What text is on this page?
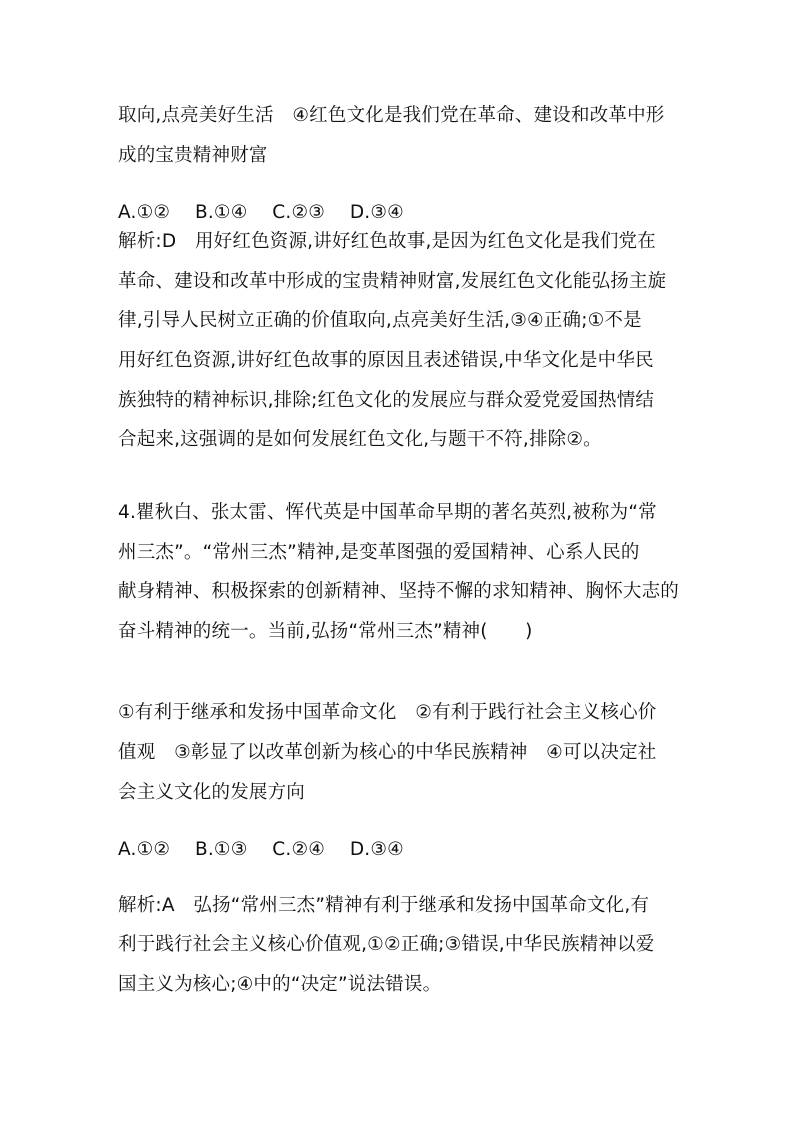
取向,点亮美好生活　④红色文化是我们党在革命、建设和改革中形
成的宝贵精神财富
A.①②　 B.①④　 C.②③　 D.③④
解析:D　用好红色资源,讲好红色故事,是因为红色文化是我们党在
革命、建设和改革中形成的宝贵精神财富,发展红色文化能弘扬主旋
律,引导人民树立正确的价值取向,点亮美好生活,③④正确;①不是
用好红色资源,讲好红色故事的原因且表述错误,中华文化是中华民
族独特的精神标识,排除;红色文化的发展应与群众爱党爱国热情结
合起来,这强调的是如何发展红色文化,与题干不符,排除②。
4.瞿秋白、张太雷、恽代英是中国革命早期的著名英烈,被称为“常
州三杰”。“常州三杰”精神,是变革图强的爱国精神、心系人民的
献身精神、积极探索的创新精神、坚持不懈的求知精神、胸怀大志的
奋斗精神的统一。当前,弘扬“常州三杰”精神(　　)
①有利于继承和发扬中国革命文化　②有利于践行社会主义核心价
值观　③彰显了以改革创新为核心的中华民族精神　④可以决定社
会主义文化的发展方向
A.①②　 B.①③　 C.②④　 D.③④
解析:A　弘扬“常州三杰”精神有利于继承和发扬中国革命文化,有
利于践行社会主义核心价值观,①②正确;③错误,中华民族精神以爱
国主义为核心;④中的“决定”说法错误。
